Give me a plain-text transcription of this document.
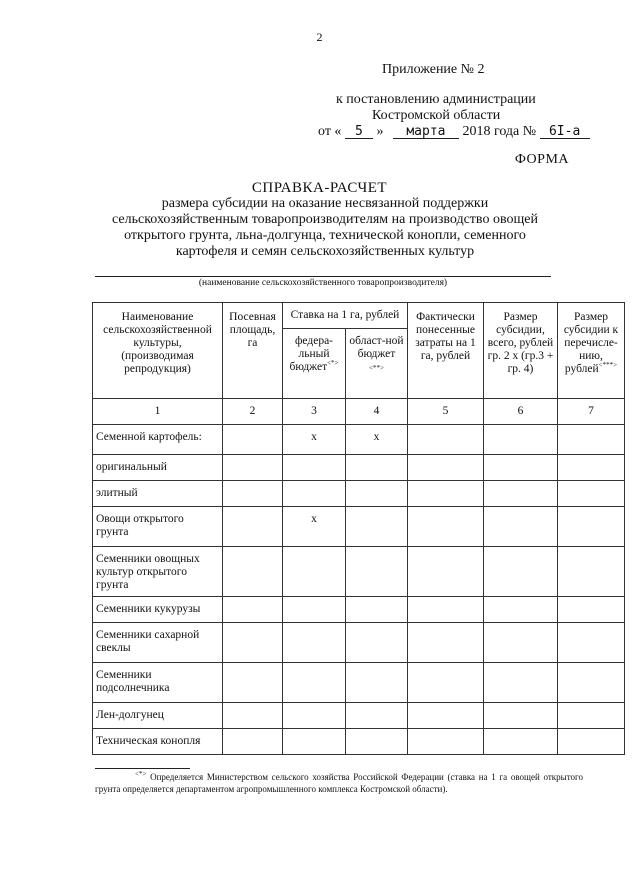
2
Приложение № 2
к постановлению администрации
Костромской области
от « 5 » марта 2018 года № 6I-а
ФОРМА
СПРАВКА-РАСЧЕТ
размера субсидии на оказание несвязанной поддержки сельскохозяйственным товаропроизводителям на производство овощей открытого грунта, льна-долгунца, технической конопли, семенного картофеля и семян сельскохозяйственных культур
(наименование сельскохозяйственного товаропроизводителя)
Наименование сельскохозяйственной культуры, (производимая репродукция)	Посевная площадь, га	Ставка на 1 га, рублей		Фактически понесенные затраты на 1 га, рублей	Размер субсидии, всего, рублей гр. 2 х (гр.3 + гр. 4)	Размер субсидии к перечисле-нию, рублей<***>
		федера-льный бюджет<*>	област-ной бюджет
<**>			
1	2	3	4	5	6	7
Семенной картофель:		x	x			
оригинальный						
элитный						
Овощи открытого грунта		x				
Семенники овощных культур открытого грунта						
Семенники кукурузы						
Семенники сахарной свеклы						
Семенники подсолнечника						
Лен-долгунец						
Техническая конопля						
<*> Определяется Министерством сельского хозяйства Российской Федерации (ставка на 1 га овощей открытого грунта определяется департаментом агропромышленного комплекса Костромской области).
